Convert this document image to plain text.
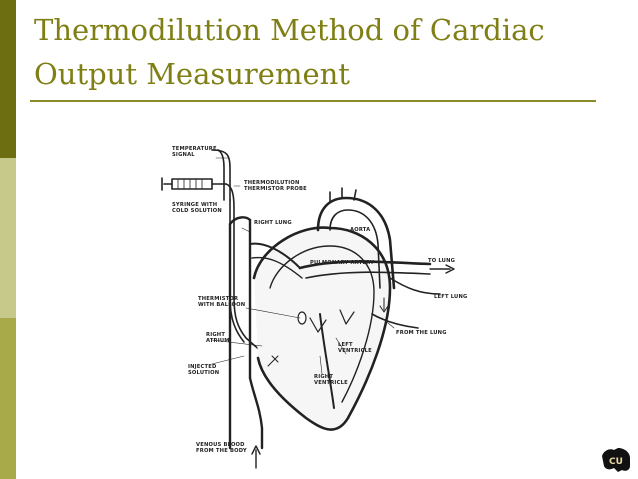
Thermodilution Method of Cardiac
Output Measurement
TEMPERATURE
SIGNAL
THERMODILUTION
THERMISTOR PROBE
SYRINGE WITH
COLD SOLUTION
RIGHT LUNG
AORTA
PULMONARY ARTERY	TO LUNG
LEFT LUNG
FROM THE LUNG
THERMISTOR
WITH BALLOON
RIGHT
ATRIUM
LEFT
VENTRICLE
INJECTED
SOLUTION
RIGHT
VENTRICLE
VENOUS BLOOD
FROM THE BODY
CU
